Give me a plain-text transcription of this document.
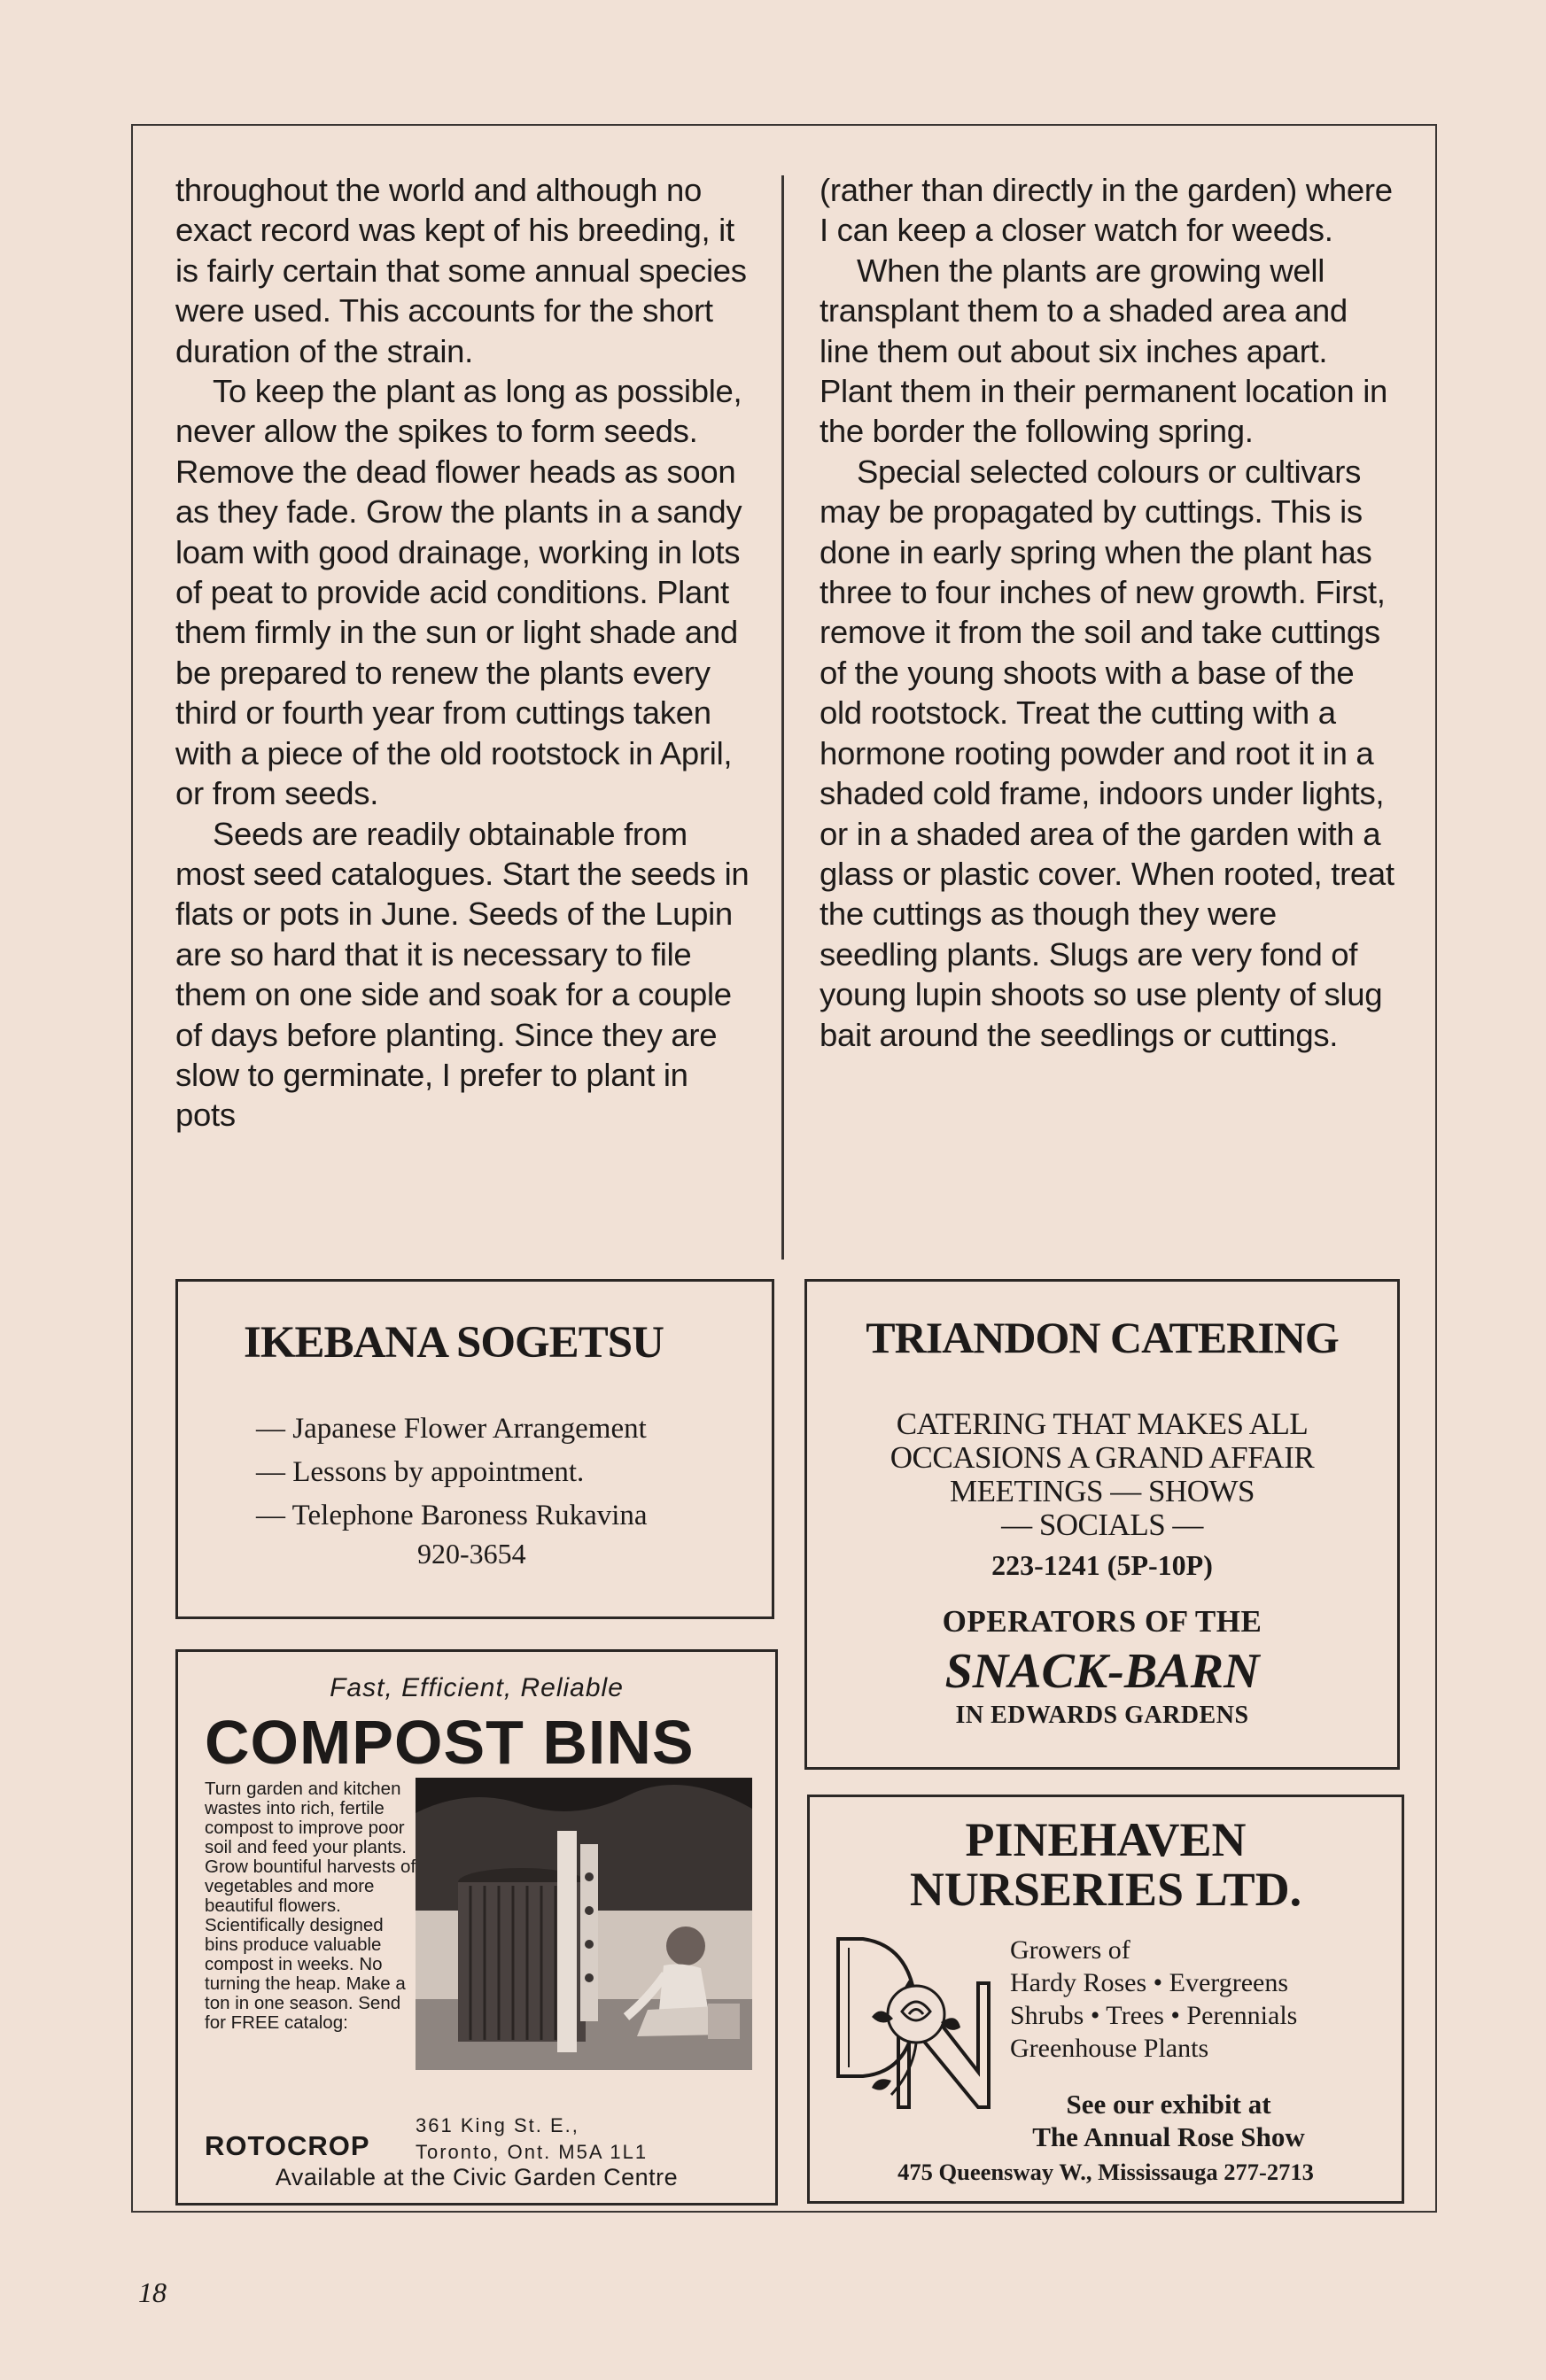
throughout the world and although no exact record was kept of his breeding, it is fairly certain that some annual species were used. This accounts for the short duration of the strain.

To keep the plant as long as possible, never allow the spikes to form seeds. Remove the dead flower heads as soon as they fade. Grow the plants in a sandy loam with good drainage, working in lots of peat to provide acid conditions. Plant them firmly in the sun or light shade and be prepared to renew the plants every third or fourth year from cuttings taken with a piece of the old rootstock in April, or from seeds.

Seeds are readily obtainable from most seed catalogues. Start the seeds in flats or pots in June. Seeds of the Lupin are so hard that it is necessary to file them on one side and soak for a couple of days before planting. Since they are slow to germinate, I prefer to plant in pots

(rather than directly in the garden) where I can keep a closer watch for weeds.

When the plants are growing well transplant them to a shaded area and line them out about six inches apart. Plant them in their permanent location in the border the following spring.

Special selected colours or cultivars may be propagated by cuttings. This is done in early spring when the plant has three to four inches of new growth. First, remove it from the soil and take cuttings of the young shoots with a base of the old rootstock. Treat the cutting with a hormone rooting powder and root it in a shaded cold frame, indoors under lights, or in a shaded area of the garden with a glass or plastic cover. When rooted, treat the cuttings as though they were seedling plants. Slugs are very fond of young lupin shoots so use plenty of slug bait around the seedlings or cuttings.

IKEBANA SOGETSU
— Japanese Flower Arrangement
— Lessons by appointment.
— Telephone Baroness Rukavina
920-3654
Fast, Efficient, Reliable
COMPOST BINS
Turn garden and kitchen wastes into rich, fertile compost to improve poor soil and feed your plants. Grow bountiful harvests of vegetables and more beautiful flowers. Scientifically designed bins produce valuable compost in weeks. No turning the heap. Make a ton in one season. Send for FREE catalog:
ROTOCROP
361 King St. E.,
Toronto, Ont. M5A 1L1
Available at the Civic Garden Centre
TRIANDON CATERING
CATERING THAT MAKES ALL
OCCASIONS A GRAND AFFAIR
MEETINGS — SHOWS
— SOCIALS —
223-1241 (5P-10P)
OPERATORS OF THE
SNACK-BARN
IN EDWARDS GARDENS
PINEHAVEN
NURSERIES LTD.
Growers of
Hardy Roses • Evergreens
Shrubs • Trees • Perennials
Greenhouse Plants
See our exhibit at
The Annual Rose Show
475 Queensway W., Mississauga 277-2713
18
